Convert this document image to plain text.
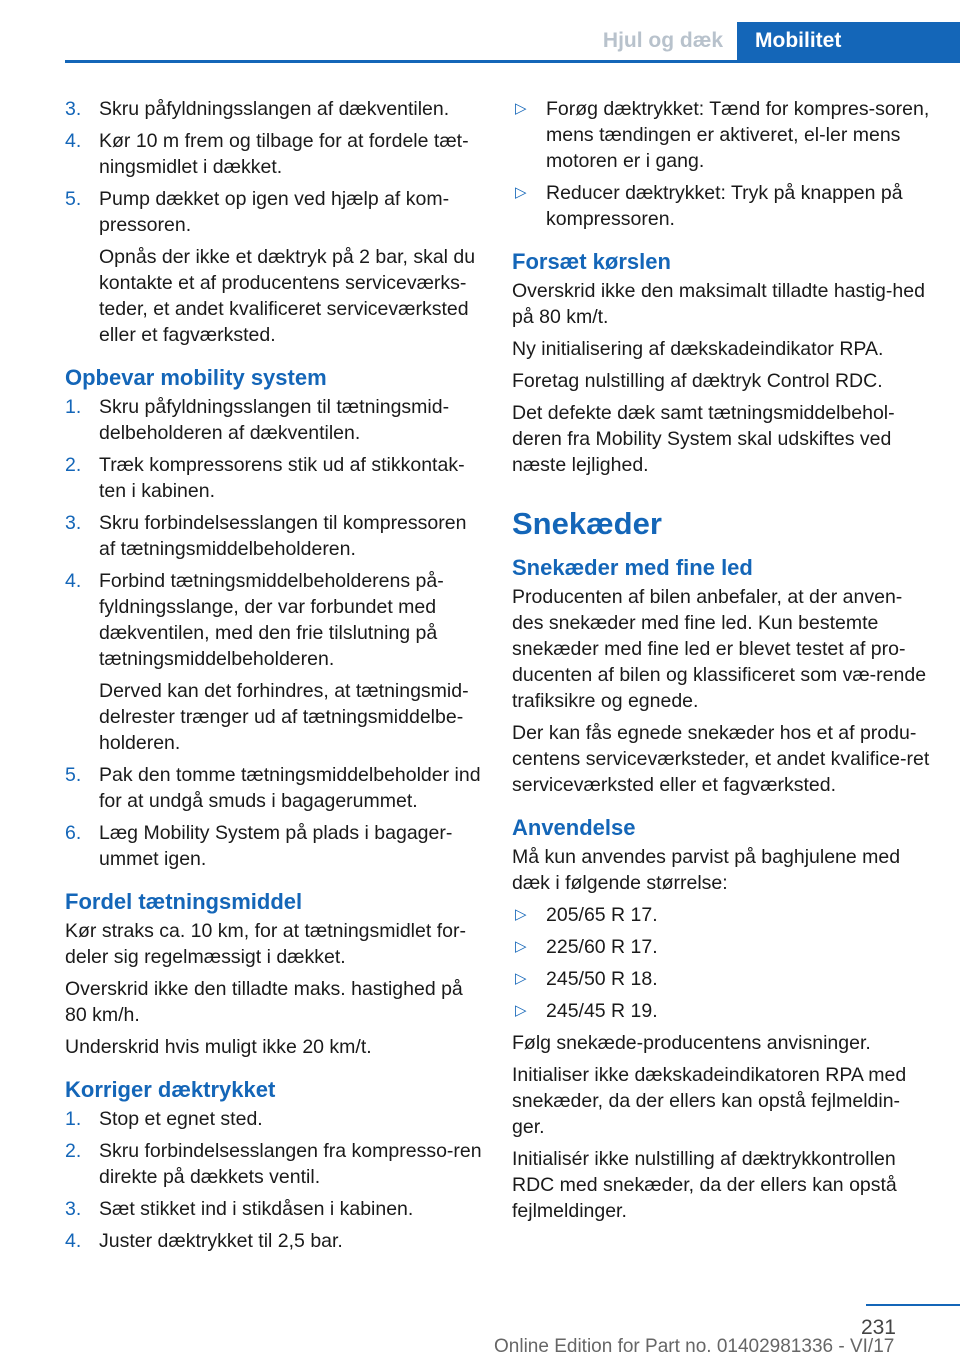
Hjul og dæk	Mobilitet
3. Skru påfyldningsslangen af dækventilen.
4. Kør 10 m frem og tilbage for at fordele tæt-ningsmidlet i dækket.
5. Pump dækket op igen ved hjælp af kom-pressoren.
Opnås der ikke et dæktryk på 2 bar, skal du kontakte et af producentens serviceværks-teder, et andet kvalificeret serviceværksted eller et fagværksted.
Opbevar mobility system
1. Skru påfyldningsslangen til tætningsmid-delbeholderen af dækventilen.
2. Træk kompressorens stik ud af stikkontak-ten i kabinen.
3. Skru forbindelsesslangen til kompressoren af tætningsmiddelbeholderen.
4. Forbind tætningsmiddelbeholderens på-fyldningsslange, der var forbundet med dækventilen, med den frie tilslutning på tætningsmiddelbeholderen.
Derved kan det forhindres, at tætningsmid-delrester trænger ud af tætningsmiddelbe-holderen.
5. Pak den tomme tætningsmiddelbeholder ind for at undgå smuds i bagagerummet.
6. Læg Mobility System på plads i bagager-ummet igen.
Fordel tætningsmiddel
Kør straks ca. 10 km, for at tætningsmidlet for-deler sig regelmæssigt i dækket.
Overskrid ikke den tilladte maks. hastighed på 80 km/h.
Underskrid hvis muligt ikke 20 km/t.
Korriger dæktrykket
1. Stop et egnet sted.
2. Skru forbindelsesslangen fra kompresso-ren direkte på dækkets ventil.
3. Sæt stikket ind i stikdåsen i kabinen.
4. Juster dæktrykket til 2,5 bar.
▷ Forøg dæktrykket: Tænd for kompres-soren, mens tændingen er aktiveret, el-ler mens motoren er i gang.
▷ Reducer dæktrykket: Tryk på knappen på kompressoren.
Forsæt kørslen
Overskrid ikke den maksimalt tilladte hastig-hed på 80 km/t.
Ny initialisering af dækskadeindikator RPA.
Foretag nulstilling af dæktryk Control RDC.
Det defekte dæk samt tætningsmiddelbehol-deren fra Mobility System skal udskiftes ved næste lejlighed.
Snekæder
Snekæder med fine led
Producenten af bilen anbefaler, at der anven-des snekæder med fine led. Kun bestemte snekæder med fine led er blevet testet af pro-ducenten af bilen og klassificeret som væ-rende trafiksikre og egnede.
Der kan fås egnede snekæder hos et af produ-centens serviceværksteder, et andet kvalifice-ret serviceværksted eller et fagværksted.
Anvendelse
Må kun anvendes parvist på baghjulene med dæk i følgende størrelse:
▷ 205/65 R 17.
▷ 225/60 R 17.
▷ 245/50 R 18.
▷ 245/45 R 19.
Følg snekæde-producentens anvisninger.
Initialiser ikke dækskadeindikatoren RPA med snekæder, da der ellers kan opstå fejlmeldin-ger.
Initialisér ikke nulstilling af dæktrykkontrollen RDC med snekæder, da der ellers kan opstå fejlmeldinger.
231
Online Edition for Part no. 01402981336 - VI/17
